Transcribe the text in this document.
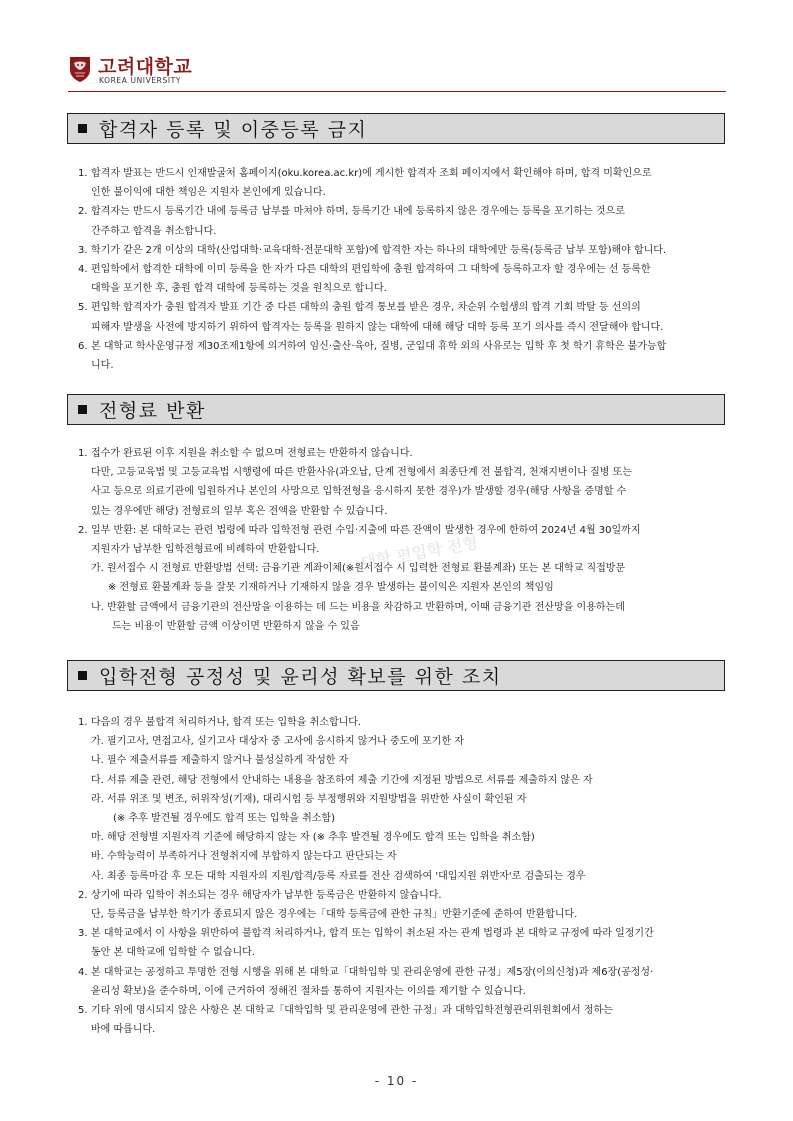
고려대학교
KOREA UNIVERSITY
합격자 등록 및 이중등록 금지
1. 합격자 발표는 반드시 인재발굴처 홈페이지(oku.korea.ac.kr)에 게시한 합격자 조회 페이지에서 확인해야 하며, 합격 미확인으로
인한 불이익에 대한 책임은 지원자 본인에게 있습니다.
2. 합격자는 반드시 등록기간 내에 등록금 납부를 마쳐야 하며, 등록기간 내에 등록하지 않은 경우에는 등록을 포기하는 것으로
간주하고 합격을 취소합니다.
3. 학기가 같은 2개 이상의 대학(산업대학·교육대학·전문대학 포함)에 합격한 자는 하나의 대학에만 등록(등록금 납부 포함)해야 합니다.
4. 편입학에서 합격한 대학에 이미 등록을 한 자가 다른 대학의 편입학에 충원 합격하여 그 대학에 등록하고자 할 경우에는 선 등록한
대학을 포기한 후, 충원 합격 대학에 등록하는 것을 원칙으로 합니다.
5. 편입학 합격자가 충원 합격자 발표 기간 중 다른 대학의 충원 합격 통보를 받은 경우, 차순위 수험생의 합격 기회 박탈 등 선의의
피해자 발생을 사전에 방지하기 위하여 합격자는 등록을 원하지 않는 대학에 대해 해당 대학 등록 포기 의사를 즉시 전달해야 합니다.
6. 본 대학교 학사운영규정 제30조제1항에 의거하여 임신·출산·육아, 질병, 군입대 휴학 외의 사유로는 입학 후 첫 학기 휴학은 불가능합
니다.
전형료 반환
1. 접수가 완료된 이후 지원을 취소할 수 없으며 전형료는 반환하지 않습니다.
다만, 고등교육법 및 고등교육법 시행령에 따른 반환사유(과오납, 단계 전형에서 최종단계 전 불합격, 천재지변이나 질병 또는
사고 등으로 의료기관에 입원하거나 본인의 사망으로 입학전형을 응시하지 못한 경우)가 발생할 경우(해당 사항을 증명할 수
있는 경우에만 해당) 전형료의 일부 혹은 전액을 반환할 수 있습니다.
2. 일부 반환: 본 대학교는 관련 법령에 따라 입학전형 관련 수입·지출에 따른 잔액이 발생한 경우에 한하여 2024년 4월 30일까지
지원자가 납부한 입학전형료에 비례하여 반환합니다.
가. 원서접수 시 전형료 반환방법 선택: 금융기관 계좌이체(※원서접수 시 입력한 전형료 환불계좌) 또는 본 대학교 직접방문
※ 전형료 환불계좌 등을 잘못 기재하거나 기재하지 않을 경우 발생하는 불이익은 지원자 본인의 책임임
나. 반환할 금액에서 금융기관의 전산망을 이용하는 데 드는 비용을 차감하고 반환하며, 이때 금융기관 전산망을 이용하는데
드는 비용이 반환할 금액 이상이면 반환하지 않을 수 있음
입학전형 공정성 및 윤리성 확보를 위한 조치
1. 다음의 경우 불합격 처리하거나, 합격 또는 입학을 취소합니다.
가. 필기고사, 면접고사, 실기고사 대상자 중 고사에 응시하지 않거나 중도에 포기한 자
나. 필수 제출서류를 제출하지 않거나 불성실하게 작성한 자
다. 서류 제출 관련, 해당 전형에서 안내하는 내용을 참조하여 제출 기간에 지정된 방법으로 서류를 제출하지 않은 자
라. 서류 위조 및 변조, 허위작성(기재), 대리시험 등 부정행위와 지원방법을 위반한 사실이 확인된 자
(※ 추후 발견될 경우에도 합격 또는 입학을 취소함)
마. 해당 전형별 지원자격 기준에 해당하지 않는 자 (※ 추후 발견될 경우에도 합격 또는 입학을 취소함)
바. 수학능력이 부족하거나 전형취지에 부합하지 않는다고 판단되는 자
사. 최종 등록마감 후 모든 대학 지원자의 지원/합격/등록 자료를 전산 검색하여 '대입지원 위반자'로 검출되는 경우
2. 상기에 따라 입학이 취소되는 경우 해당자가 납부한 등록금은 반환하지 않습니다.
단, 등록금을 납부한 학기가 종료되지 않은 경우에는「대학 등록금에 관한 규칙」반환기준에 준하여 반환합니다.
3. 본 대학교에서 이 사항을 위반하여 불합격 처리하거나, 합격 또는 입학이 취소된 자는 관계 법령과 본 대학교 규정에 따라 일정기간
동안 본 대학교에 입학할 수 없습니다.
4. 본 대학교는 공정하고 투명한 전형 시행을 위해 본 대학교「대학입학 및 관리운영에 관한 규정」제5장(이의신청)과 제6장(공정성·
윤리성 확보)을 준수하며, 이에 근거하여 정해진 절차를 통하여 지원자는 이의를 제기할 수 있습니다.
5. 기타 위에 명시되지 않은 사항은 본 대학교「대학입학 및 관리운영에 관한 규정」과 대학입학전형관리위원회에서 정하는
바에 따릅니다.
대학 편입학 전형
- 10 -
